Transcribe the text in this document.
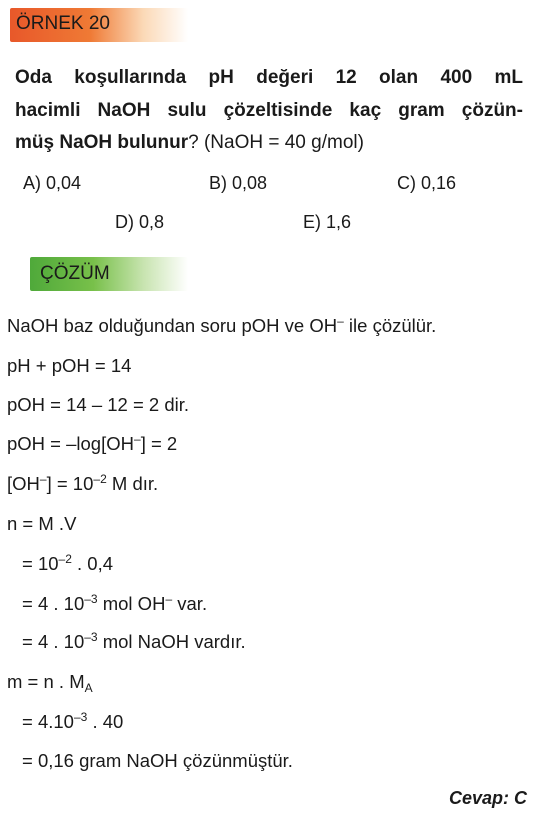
ÖRNEK 20
Oda koşullarında pH değeri 12 olan 400 mL
hacimli NaOH sulu çözeltisinde kaç gram çözün-
müş NaOH bulunur? (NaOH = 40 g/mol)
A) 0,04	B) 0,08	C) 0,16
D) 0,8	E) 1,6
ÇÖZÜM
NaOH baz olduğundan soru pOH ve OH– ile çözülür.
pH + pOH = 14
pOH = 14 – 12 = 2 dir.
pOH = –log[OH–] = 2
$[OH^-] = 10^{-2}$ M dır.
n = M .V
= $10^{-2}$ . 0,4
= 4 . $10^{-3}$ mol OH– var.
= 4 . $10^{-3}$ mol NaOH vardır.
m = n . $M_A$
= $4.10^{-3}$ . 40
= 0,16 gram NaOH çözünmüştür.
Cevap: C
